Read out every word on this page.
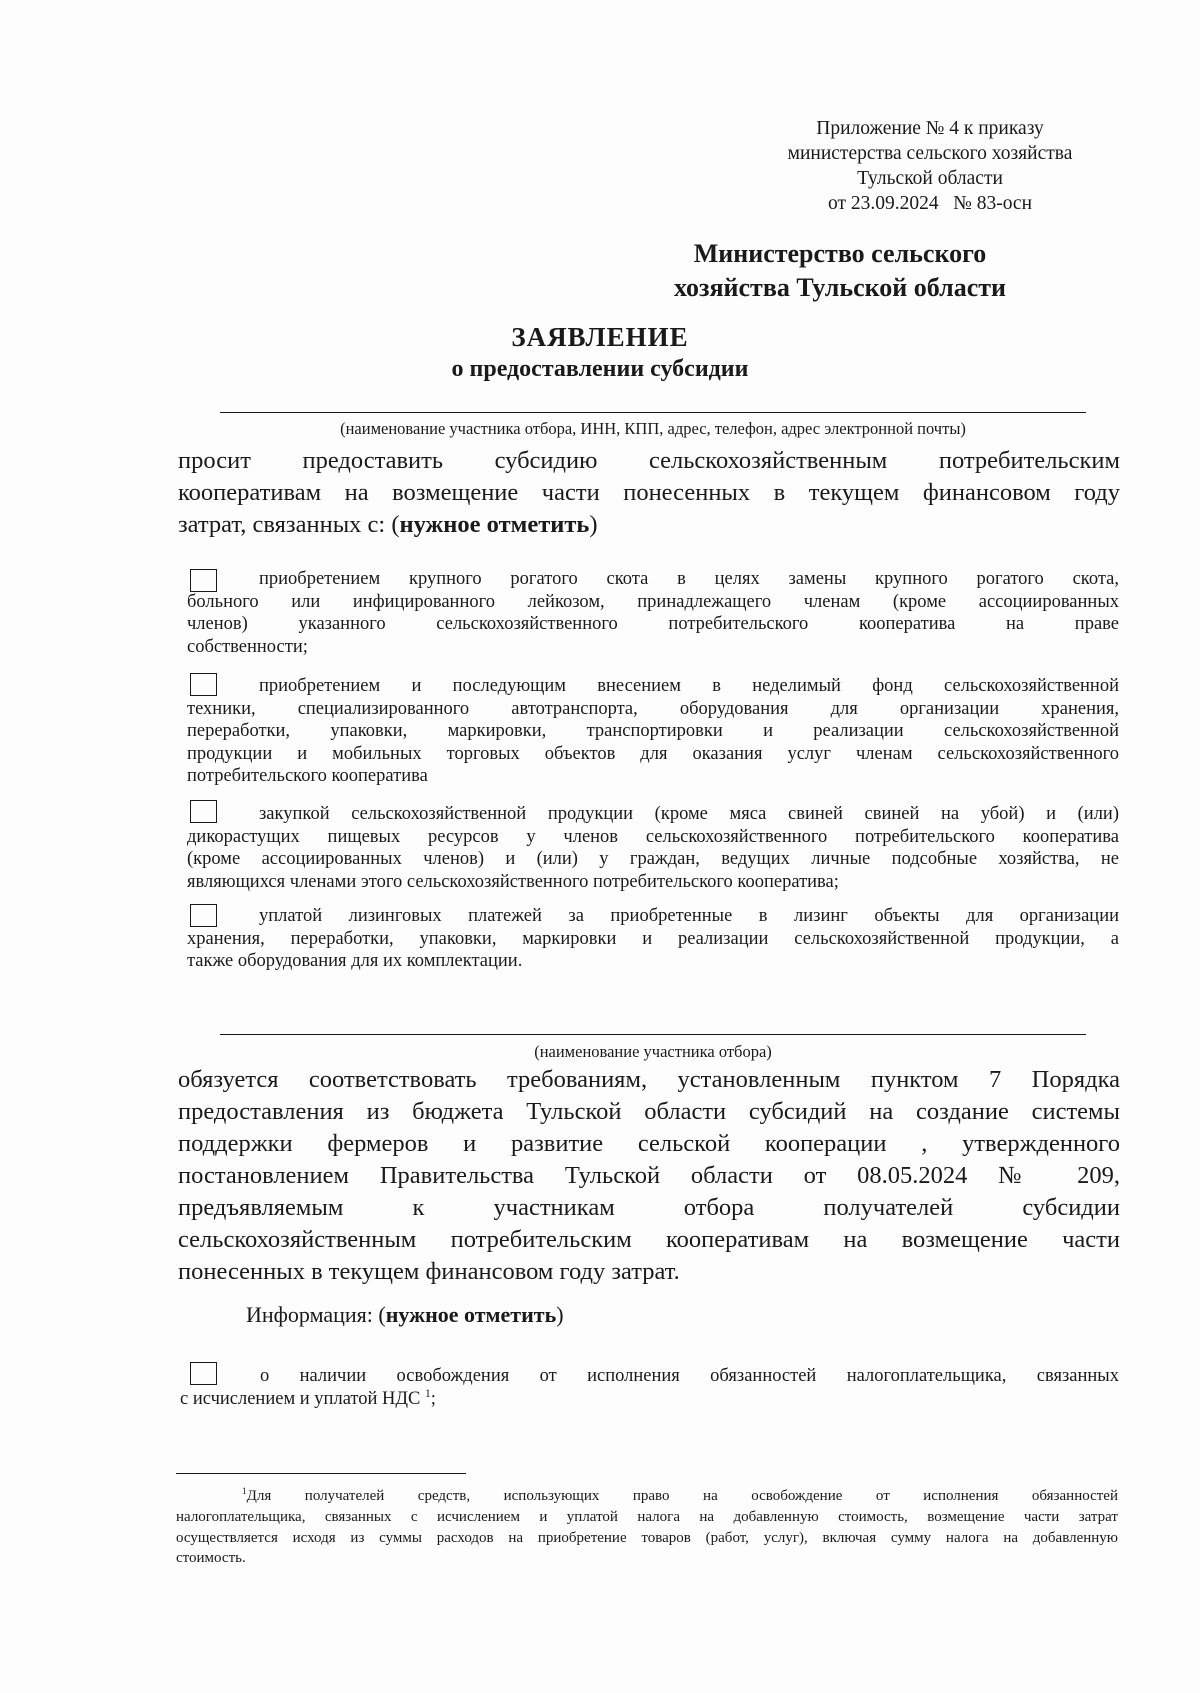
Приложение № 4 к приказу
министерства сельского хозяйства
Тульской области
от 23.09.2024   № 83-осн
Министерство сельского
хозяйства Тульской области
ЗАЯВЛЕНИЕ
о предоставлении субсидии
(наименование участника отбора, ИНН, КПП, адрес, телефон, адрес электронной почты)
просит предоставить субсидию сельскохозяйственным потребительским
кооперативам на возмещение части понесенных в текущем финансовом году
затрат, связанных с: (нужное отметить)
приобретением крупного рогатого скота в целях замены крупного рогатого скота,
больного или инфицированного лейкозом, принадлежащего членам (кроме ассоциированных
членов) указанного сельскохозяйственного потребительского кооператива на праве
собственности;
приобретением и последующим внесением в неделимый фонд сельскохозяйственной
техники, специализированного автотранспорта, оборудования для организации хранения,
переработки, упаковки, маркировки, транспортировки и реализации сельскохозяйственной
продукции и мобильных торговых объектов для оказания услуг членам сельскохозяйственного
потребительского кооператива
закупкой сельскохозяйственной продукции (кроме мяса свиней свиней на убой) и (или)
дикорастущих пищевых ресурсов у членов сельскохозяйственного потребительского кооператива
(кроме ассоциированных членов) и (или) у граждан, ведущих личные подсобные хозяйства, не
являющихся членами этого сельскохозяйственного потребительского кооператива;
уплатой лизинговых платежей за приобретенные в лизинг объекты для организации
хранения, переработки, упаковки, маркировки и реализации сельскохозяйственной продукции, а
также оборудования для их комплектации.
(наименование участника отбора)
обязуется соответствовать требованиям, установленным пунктом 7 Порядка
предоставления из бюджета Тульской области субсидий на создание системы
поддержки фермеров и развитие сельской кооперации , утвержденного
постановлением Правительства Тульской области от 08.05.2024 № 209,
предъявляемым к участникам отбора получателей субсидии
сельскохозяйственным потребительским кооперативам на возмещение части
понесенных в текущем финансовом году затрат.
Информация: (нужное отметить)
о наличии освобождения от исполнения обязанностей налогоплательщика, связанных
с исчислением и уплатой НДС $^1$;
$^1$Для получателей средств, использующих право на освобождение от исполнения обязанностей
налогоплательщика, связанных с исчислением и уплатой налога на добавленную стоимость, возмещение части затрат
осуществляется исходя из суммы расходов на приобретение товаров (работ, услуг), включая сумму налога на добавленную
стоимость.
